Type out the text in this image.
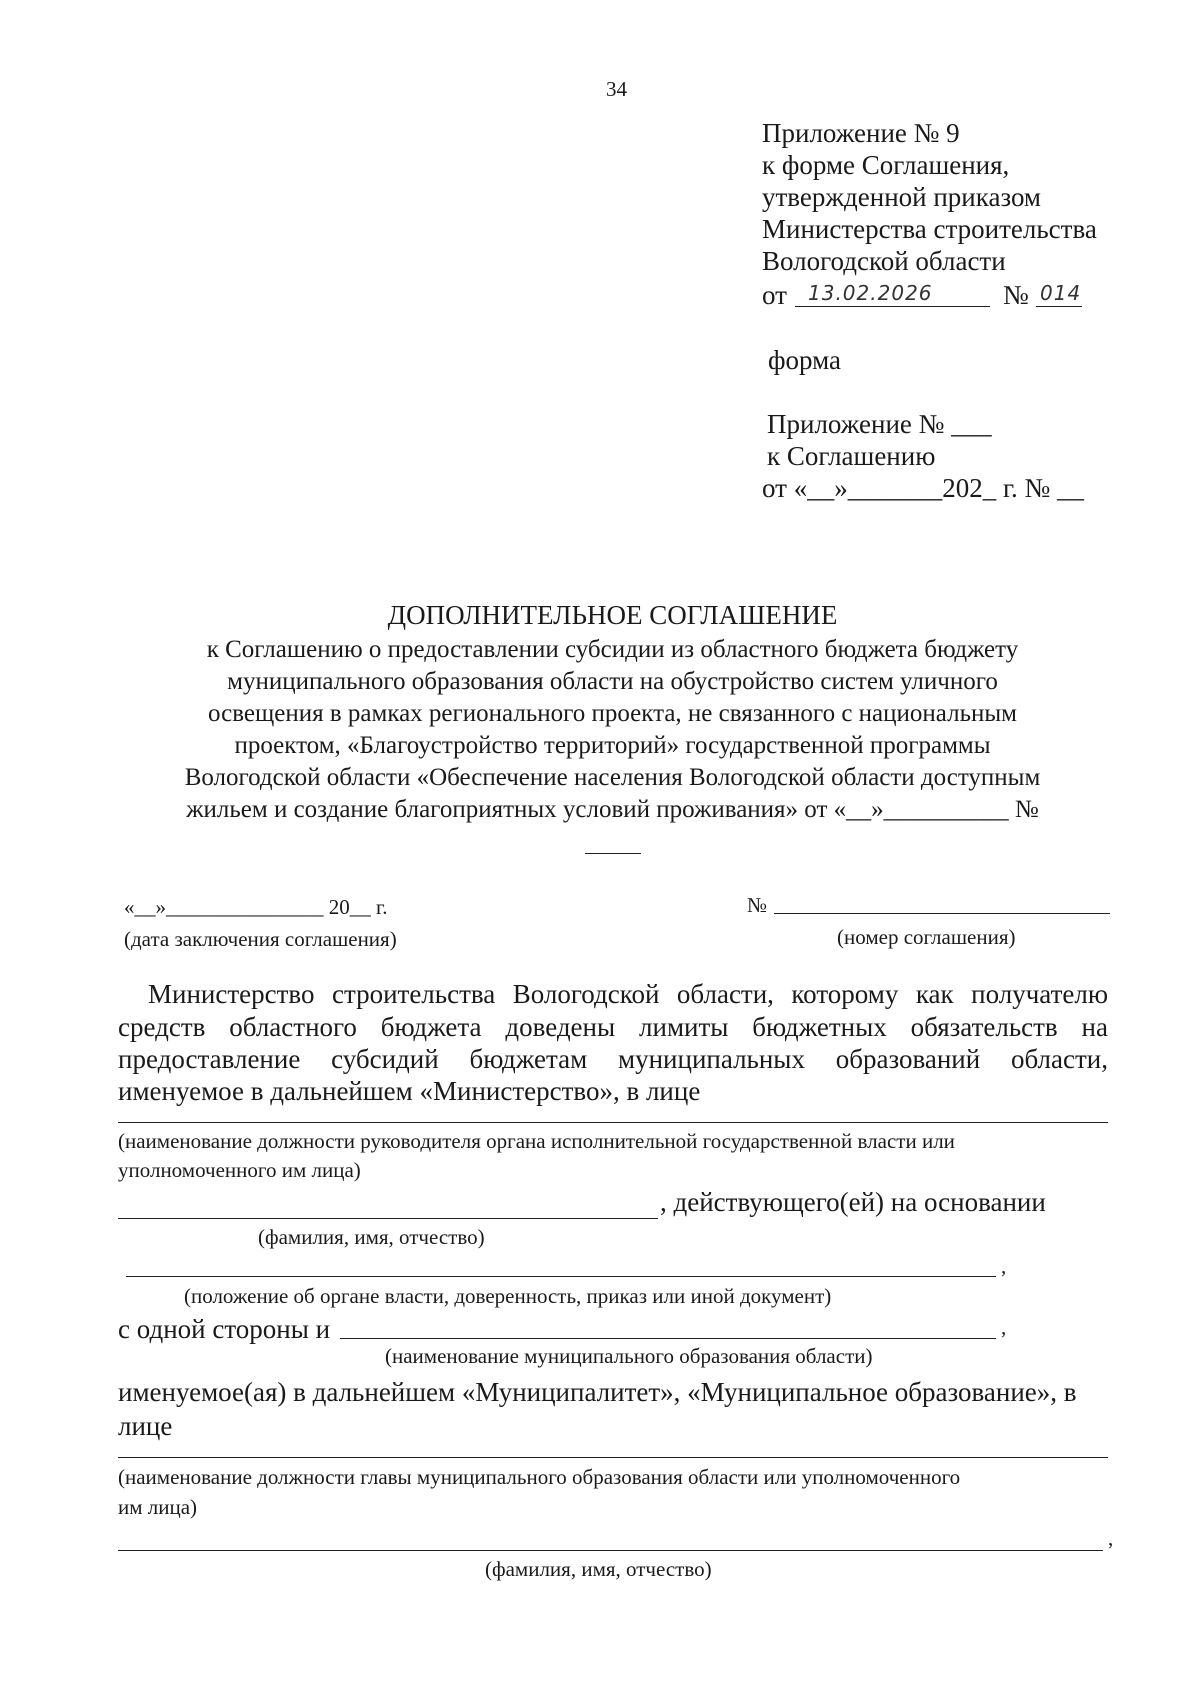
34
Приложение № 9
к форме Соглашения,
утвержденной приказом
Министерства строительства
Вологодской области
от 13.02.2026	№ 014
форма
Приложение № ___
к Соглашению
от «__»_______202_ г. № __
ДОПОЛНИТЕЛЬНОЕ СОГЛАШЕНИЕ
к Соглашению о предоставлении субсидии из областного бюджета бюджету
муниципального образования области на обустройство систем уличного
освещения в рамках регионального проекта, не связанного с национальным
проектом, «Благоустройство территорий» государственной программы
Вологодской области «Обеспечение населения Вологодской области доступным
жильем и создание благоприятных условий проживания» от «__»__________ №
«__»_______________ 20__ г.
(дата заключения соглашения)
№
(номер соглашения)
Министерство строительства Вологодской области, которому как получателю
средств областного бюджета доведены лимиты бюджетных обязательств на
предоставление субсидий бюджетам муниципальных образований области,
именуемое в дальнейшем «Министерство», в лице
(наименование должности руководителя органа исполнительной государственной власти или
уполномоченного им лица)
, действующего(ей) на основании
(фамилия, имя, отчество)
,
(положение об органе власти, доверенность, приказ или иной документ)
с одной стороны и	,
(наименование муниципального образования области)
именуемое(ая) в дальнейшем «Муниципалитет», «Муниципальное образование», в
лице
(наименование должности главы муниципального образования области или уполномоченного
им лица)
,
(фамилия, имя, отчество)
